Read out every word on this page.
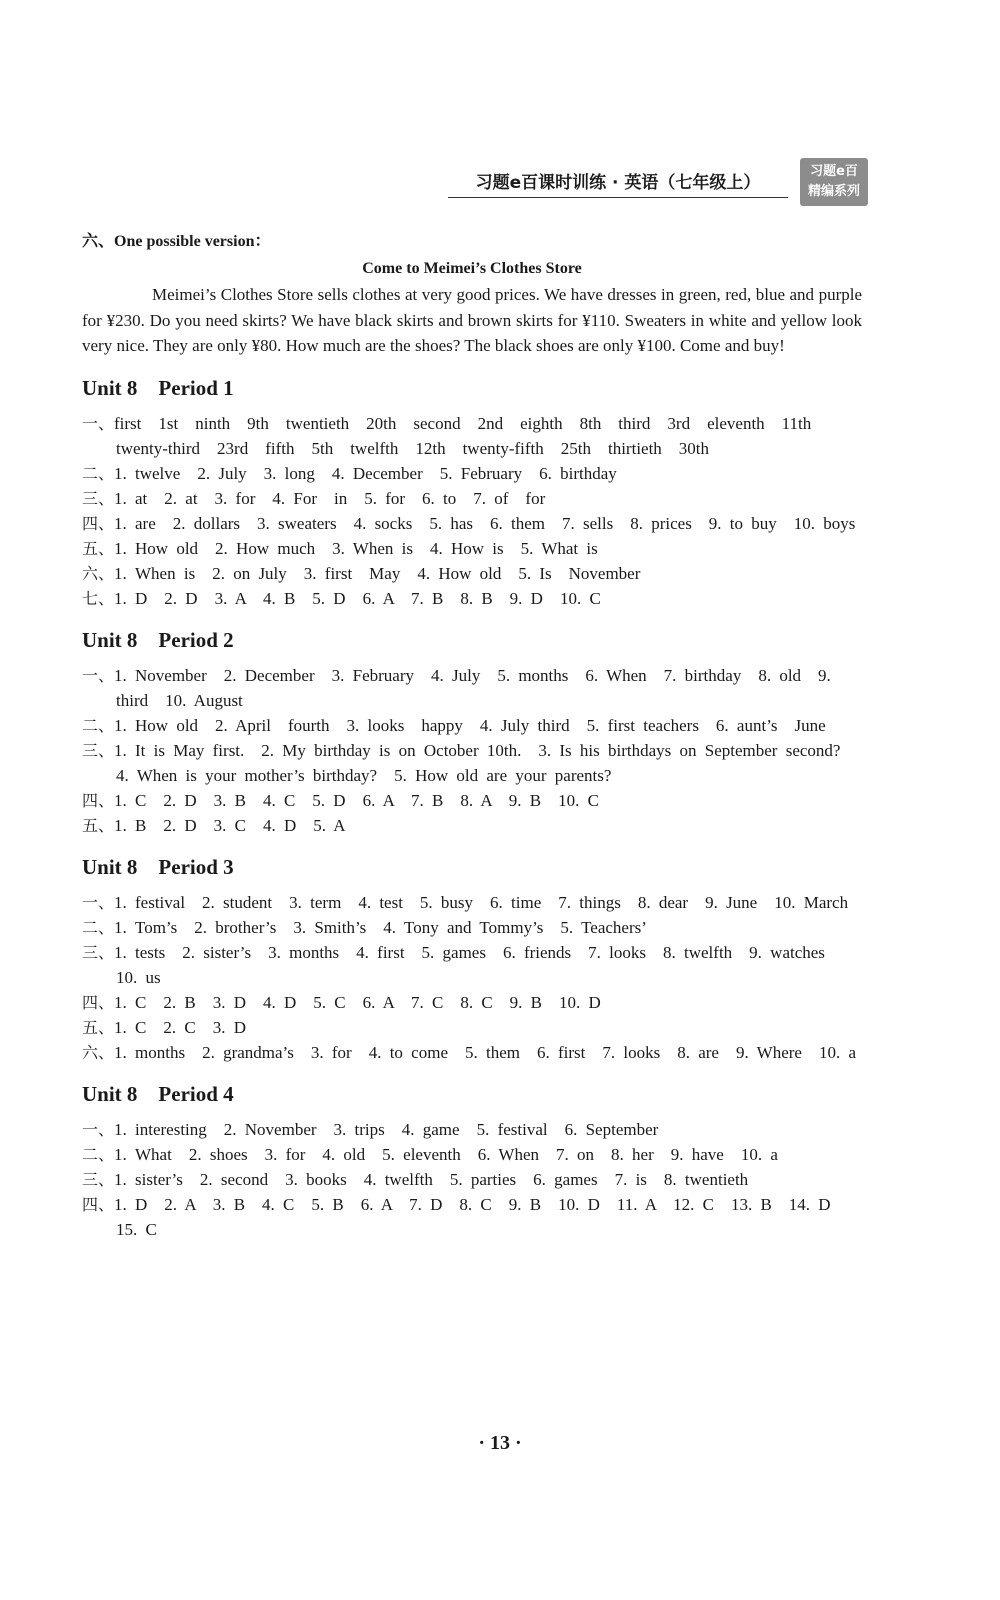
习题e百课时训练 · 英语（七年级上）
习题e百
精编系列

六、One possible version：

Come to Meimei’s Clothes Store

Meimei’s Clothes Store sells clothes at very good prices. We have dresses in green, red, blue and purple for ¥230. Do you need skirts? We have black skirts and brown skirts for ¥110. Sweaters in white and yellow look very nice. They are only ¥80. How much are the shoes? The black shoes are only ¥100. Come and buy!

Unit 8　Period 1

一、first　1st　ninth　9th　twentieth　20th　second　2nd　eighth　8th　third　3rd　eleventh　11th　twenty-third　23rd　fifth　5th　twelfth　12th　twenty-fifth　25th　thirtieth　30th

二、1. twelve　2. July　3. long　4. December　5. February　6. birthday

三、1. at　2. at　3. for　4. For　in　5. for　6. to　7. of　for

四、1. are　2. dollars　3. sweaters　4. socks　5. has　6. them　7. sells　8. prices　9. to buy　10. boys

五、1. How old　2. How much　3. When is　4. How is　5. What is

六、1. When is　2. on July　3. first　May　4. How old　5. Is　November

七、1. D　2. D　3. A　4. B　5. D　6. A　7. B　8. B　9. D　10. C

Unit 8　Period 2

一、1. November　2. December　3. February　4. July　5. months　6. When　7. birthday　8. old　9. third　10. August

二、1. How old　2. April　fourth　3. looks　happy　4. July third　5. first teachers　6. aunt’s　June

三、1. It is May first.　2. My birthday is on October 10th.　3. Is his birthdays on September second?　4. When is your mother’s birthday?　5. How old are your parents?

四、1. C　2. D　3. B　4. C　5. D　6. A　7. B　8. A　9. B　10. C

五、1. B　2. D　3. C　4. D　5. A

Unit 8　Period 3

一、1. festival　2. student　3. term　4. test　5. busy　6. time　7. things　8. dear　9. June　10. March

二、1. Tom’s　2. brother’s　3. Smith’s　4. Tony and Tommy’s　5. Teachers’

三、1. tests　2. sister’s　3. months　4. first　5. games　6. friends　7. looks　8. twelfth　9. watches　10. us

四、1. C　2. B　3. D　4. D　5. C　6. A　7. C　8. C　9. B　10. D

五、1. C　2. C　3. D

六、1. months　2. grandma’s　3. for　4. to come　5. them　6. first　7. looks　8. are　9. Where　10. a

Unit 8　Period 4

一、1. interesting　2. November　3. trips　4. game　5. festival　6. September

二、1. What　2. shoes　3. for　4. old　5. eleventh　6. When　7. on　8. her　9. have　10. a

三、1. sister’s　2. second　3. books　4. twelfth　5. parties　6. games　7. is　8. twentieth

四、1. D　2. A　3. B　4. C　5. B　6. A　7. D　8. C　9. B　10. D　11. A　12. C　13. B　14. D　15. C

· 13 ·
